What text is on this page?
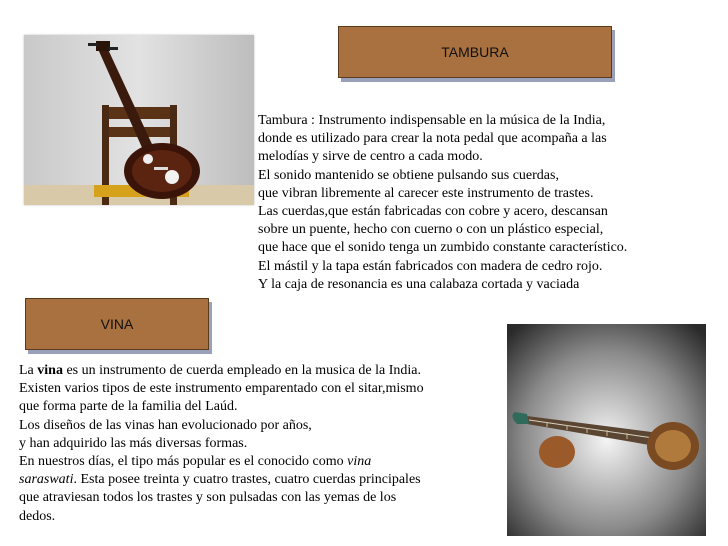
TAMBURA
Tambura : Instrumento indispensable en la música de la India,
donde es utilizado para crear la nota pedal que acompaña a las
melodías y sirve de centro a cada modo.
El sonido mantenido se obtiene pulsando sus cuerdas,
que vibran libremente al carecer este instrumento de trastes.
Las cuerdas,que están fabricadas con cobre y acero, descansan
sobre un puente, hecho con cuerno o con un plástico especial,
que hace que el sonido tenga un zumbido constante característico.
El mástil y la tapa están fabricados con madera de cedro rojo.
Y la caja de resonancia es una calabaza cortada y vaciada
VINA
La vina es un instrumento de cuerda empleado en la musica de la India.
Existen varios tipos de este instrumento emparentado con el sitar,mismo
que forma parte de la familia del Laúd.
Los diseños de las vinas han evolucionado por años,
y han adquirido las más diversas formas.
En nuestros días, el tipo más popular es el conocido como vina
saraswati. Esta posee treinta y cuatro trastes, cuatro cuerdas principales
que atraviesan todos los trastes y son pulsadas con las yemas de los
dedos.
